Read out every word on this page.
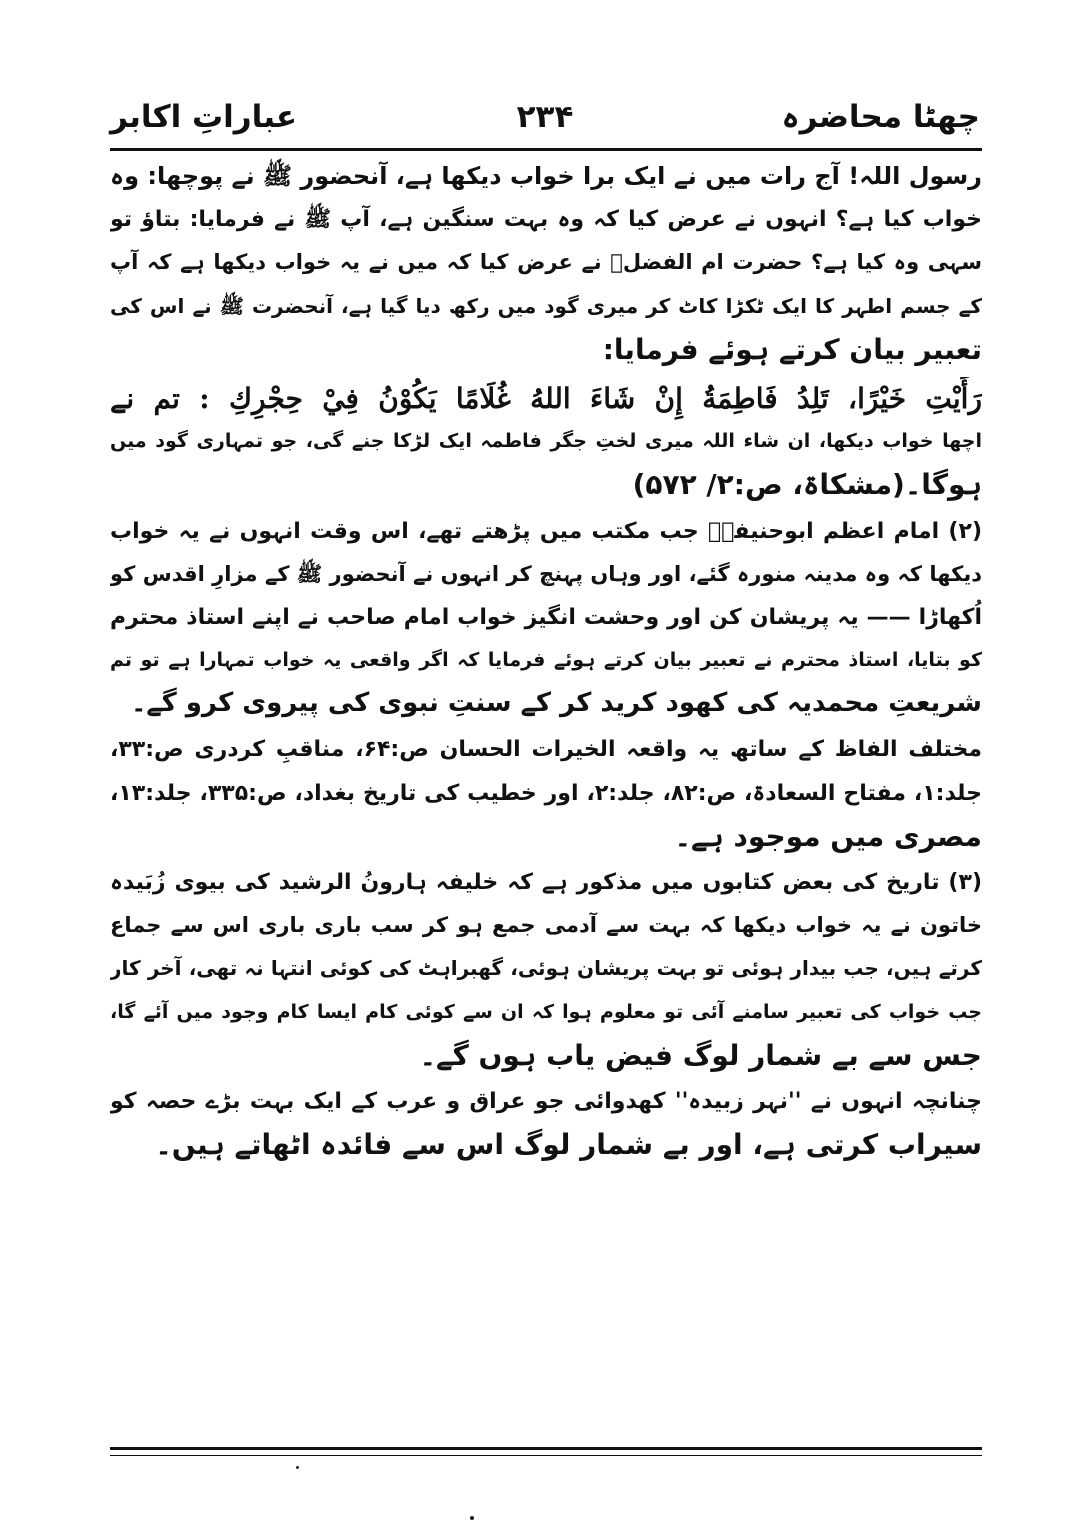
چھٹا محاضرہ
۲۳۴
عباراتِ اکابر
رسول اللہ! آج رات میں نے ایک برا خواب دیکھا ہے، آنحضور ﷺ نے پوچھا: وہ
خواب کیا ہے؟ انہوں نے عرض کیا کہ وہ بہت سنگین ہے، آپ ﷺ نے فرمایا: بتاؤ تو
سہی وہ کیا ہے؟ حضرت ام الفضلؓ نے عرض کیا کہ میں نے یہ خواب دیکھا ہے کہ آپ
کے جسم اطہر کا ایک ٹکڑا کاٹ کر میری گود میں رکھ دیا گیا ہے، آنحضرت ﷺ نے اس کی
تعبیر بیان کرتے ہوئے فرمایا:
رَأَيْتِ خَيْرًا، تَلِدُ فَاطِمَةُ إِنْ شَاءَ اللهُ غُلَامًا يَكُوْنُ فِيْ حِجْرِكِ : تم نے
اچھا خواب دیکھا، ان شاء اللہ میری لختِ جگر فاطمہ ایک لڑکا جنے گی، جو تمہاری گود میں
ہوگا۔(مشکاۃ، ص:۲/ ۵۷۲)
(۲) امام اعظم ابوحنیفہؒ جب مکتب میں پڑھتے تھے، اس وقت انہوں نے یہ خواب
دیکھا کہ وہ مدینہ منورہ گئے، اور وہاں پہنچ کر انہوں نے آنحضور ﷺ کے مزارِ اقدس کو
اُکھاڑا —— یہ پریشان کن اور وحشت انگیز خواب امام صاحب نے اپنے استاذ محترم
کو بتایا، استاذ محترم نے تعبیر بیان کرتے ہوئے فرمایا کہ اگر واقعی یہ خواب تمہارا ہے تو تم
شریعتِ محمدیہ کی کھود کرید کر کے سنتِ نبوی کی پیروی کرو گے۔
مختلف الفاظ کے ساتھ یہ واقعہ الخیرات الحسان ص:۶۴، مناقبِ کردری ص:۳۳،
جلد:۱، مفتاح السعادۃ، ص:۸۲، جلد:۲، اور خطیب کی تاریخ بغداد، ص:۳۳۵، جلد:۱۳،
مصری میں موجود ہے۔
(۳) تاریخ کی بعض کتابوں میں مذکور ہے کہ خلیفہ ہارونُ الرشید کی بیوی زُبَیدہ
خاتون نے یہ خواب دیکھا کہ بہت سے آدمی جمع ہو کر سب باری باری اس سے جماع
کرتے ہیں، جب بیدار ہوئی تو بہت پریشان ہوئی، گھبراہٹ کی کوئی انتہا نہ تھی، آخر کار
جب خواب کی تعبیر سامنے آئی تو معلوم ہوا کہ ان سے کوئی کام ایسا کام وجود میں آئے گا،
جس سے بے شمار لوگ فیض یاب ہوں گے۔
چنانچہ انہوں نے ''نہر زبیدہ'' کھدوائی جو عراق و عرب کے ایک بہت بڑے حصہ کو
سیراب کرتی ہے، اور بے شمار لوگ اس سے فائدہ اٹھاتے ہیں۔
